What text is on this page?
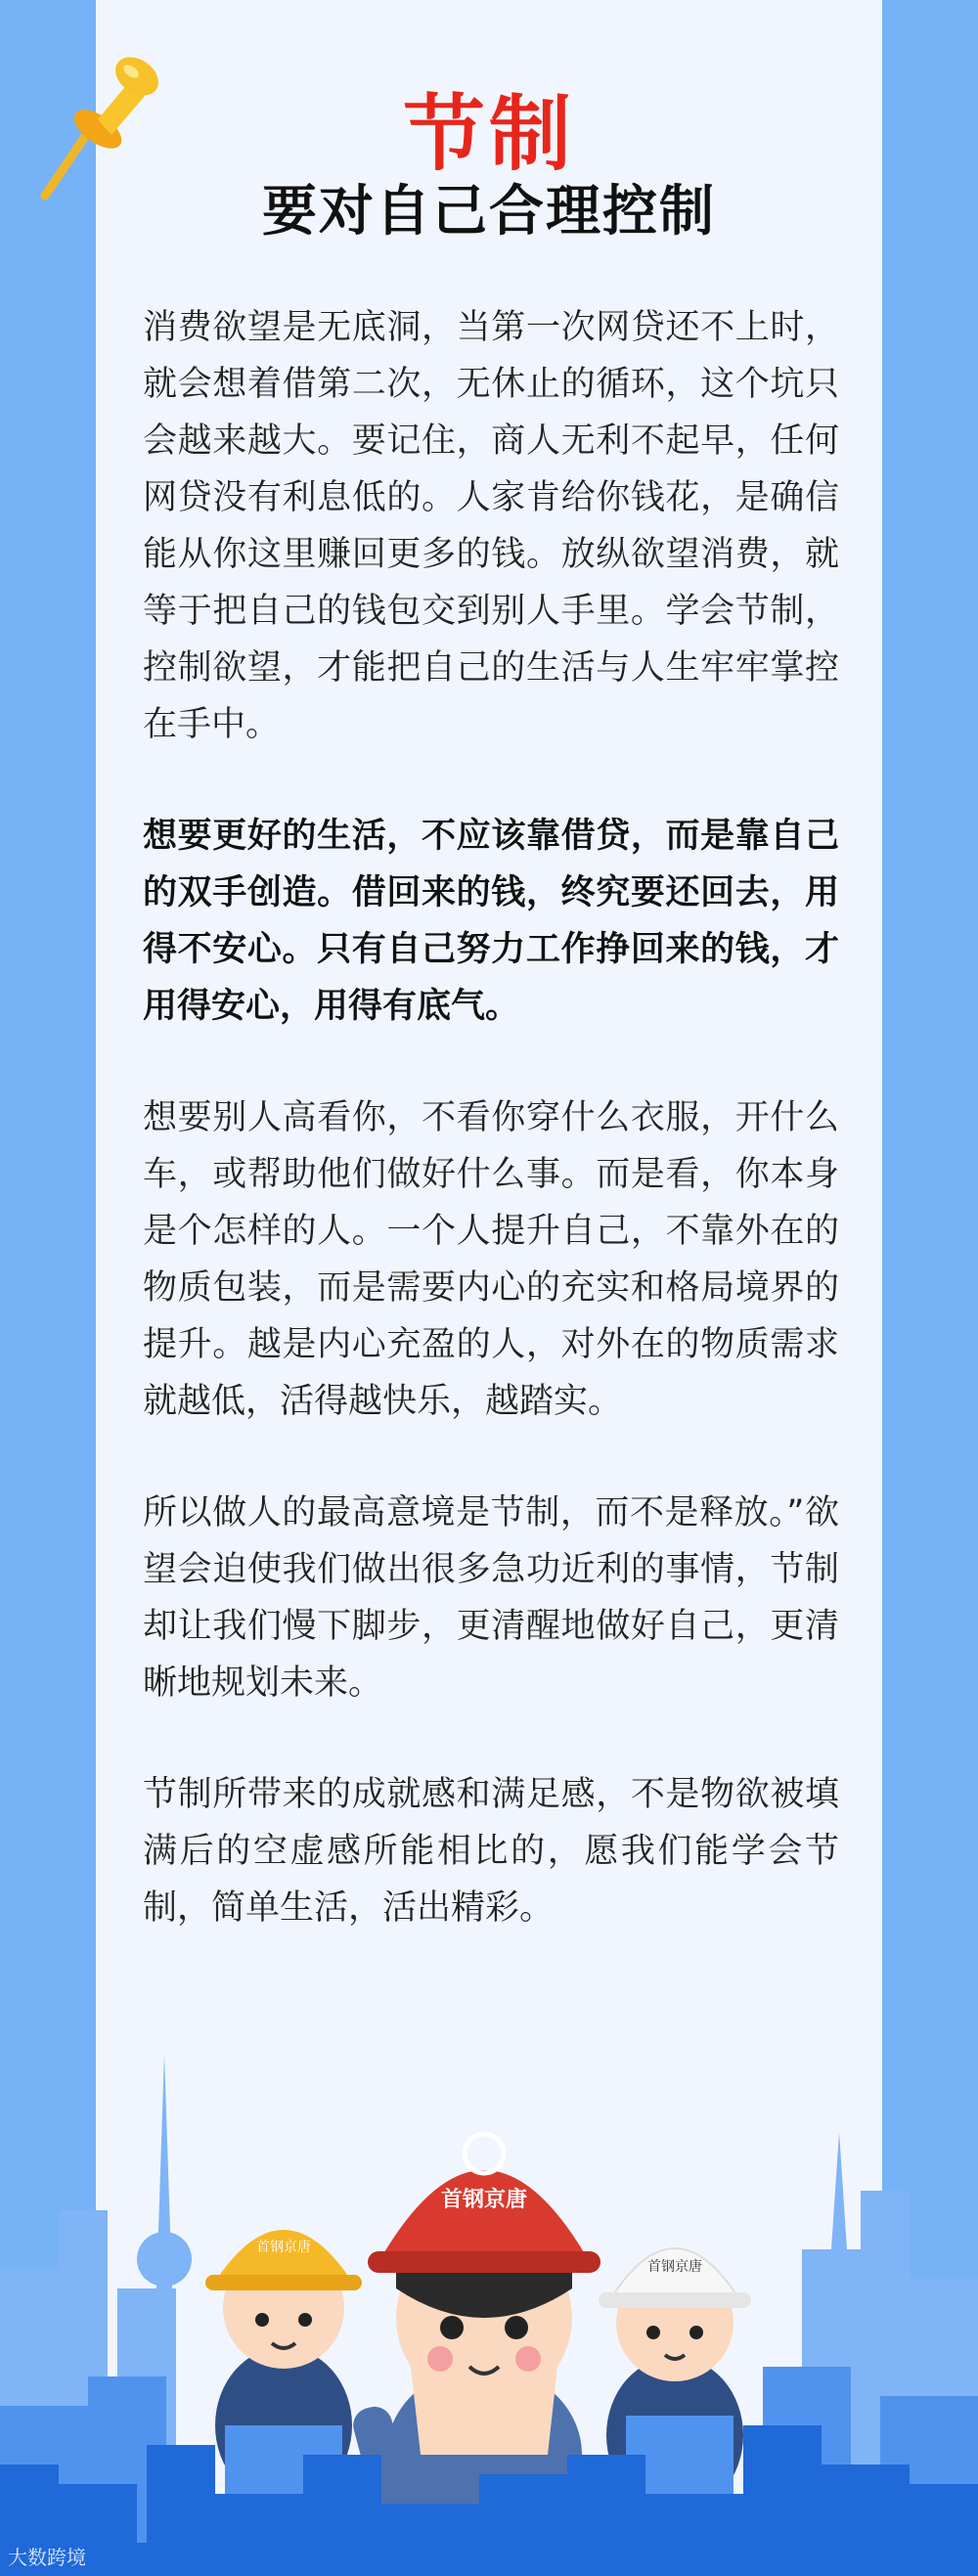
节制
要对自己合理控制

消费欲望是无底洞，当第一次网贷还不上时，就会想着借第二次，无休止的循环，这个坑只会越来越大。要记住，商人无利不起早，任何网贷没有利息低的。人家肯给你钱花，是确信能从你这里赚回更多的钱。放纵欲望消费，就等于把自己的钱包交到别人手里。学会节制，控制欲望，才能把自己的生活与人生牢牢掌控在手中。

想要更好的生活，不应该靠借贷，而是靠自己的双手创造。借回来的钱，终究要还回去，用得不安心。只有自己努力工作挣回来的钱，才用得安心，用得有底气。

想要别人高看你，不看你穿什么衣服，开什么车，或帮助他们做好什么事。而是看，你本身是个怎样的人。一个人提升自己，不靠外在的物质包装，而是需要内心的充实和格局境界的提升。越是内心充盈的人，对外在的物质需求就越低，活得越快乐，越踏实。

所以做人的最高意境是节制，而不是释放。”欲望会迫使我们做出很多急功近利的事情，节制却让我们慢下脚步，更清醒地做好自己，更清晰地规划未来。

节制所带来的成就感和满足感，不是物欲被填满后的空虚感所能相比的，愿我们能学会节制，简单生活，活出精彩。

首钢京唐
首钢京唐
首钢京唐
大数跨境
